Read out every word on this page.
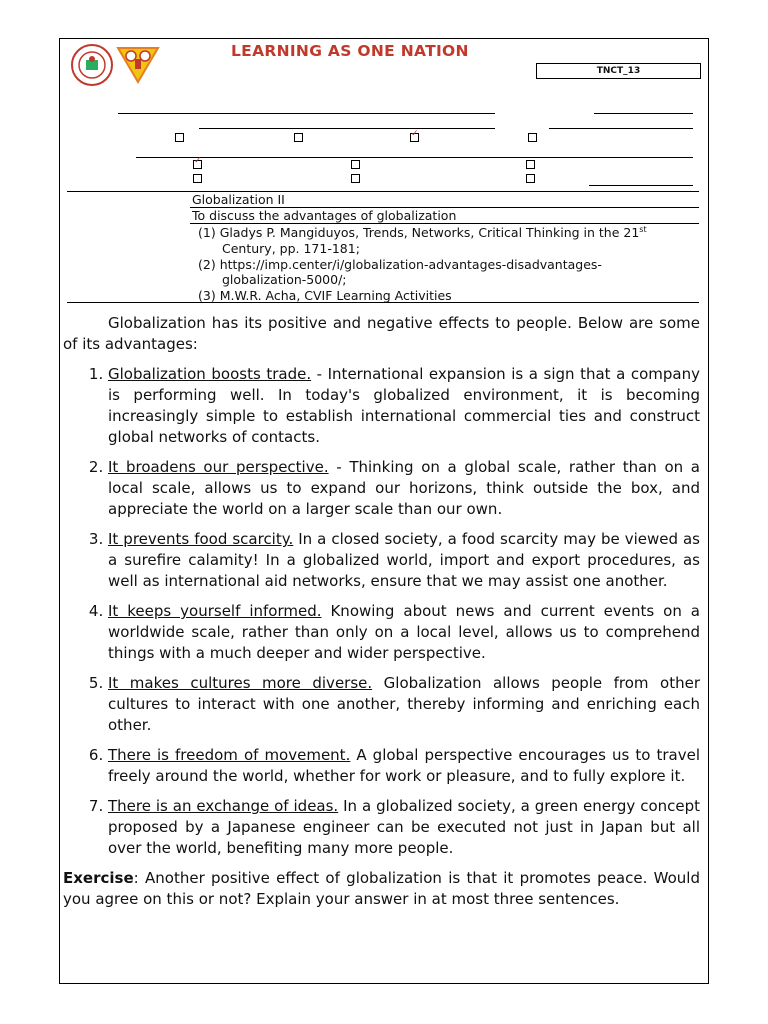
LEARNING AS ONE NATION
TNCT_13
✓
✓
Globalization II
To discuss the advantages of globalization
(1) Gladys P. Mangiduyos, Trends, Networks, Critical Thinking in the 21st
Century, pp. 171-181;
(2) https://imp.center/i/globalization-advantages-disadvantages-
globalization-5000/;
(3) M.W.R. Acha, CVIF Learning Activities

Globalization has its positive and negative effects to people. Below are some of its advantages:

1. Globalization boosts trade. - International expansion is a sign that a company is performing well. In today's globalized environment, it is becoming increasingly simple to establish international commercial ties and construct global networks of contacts.
2. It broadens our perspective. - Thinking on a global scale, rather than on a local scale, allows us to expand our horizons, think outside the box, and appreciate the world on a larger scale than our own.
3. It prevents food scarcity. In a closed society, a food scarcity may be viewed as a surefire calamity! In a globalized world, import and export procedures, as well as international aid networks, ensure that we may assist one another.
4. It keeps yourself informed. Knowing about news and current events on a worldwide scale, rather than only on a local level, allows us to comprehend things with a much deeper and wider perspective.
5. It makes cultures more diverse. Globalization allows people from other cultures to interact with one another, thereby informing and enriching each other.
6. There is freedom of movement. A global perspective encourages us to travel freely around the world, whether for work or pleasure, and to fully explore it.
7. There is an exchange of ideas. In a globalized society, a green energy concept proposed by a Japanese engineer can be executed not just in Japan but all over the world, benefiting many more people.

Exercise: Another positive effect of globalization is that it promotes peace. Would you agree on this or not? Explain your answer in at most three sentences.
